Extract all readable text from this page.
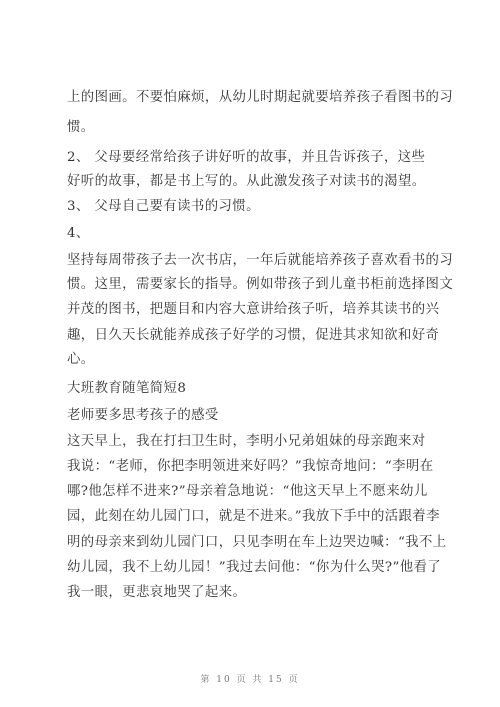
上的图画。不要怕麻烦，从幼儿时期起就要培养孩子看图书的习
惯。
2、 父母要经常给孩子讲好听的故事，并且告诉孩子，这些
好听的故事，都是书上写的。从此激发孩子对读书的渴望。
3、 父母自己要有读书的习惯。
4、
坚持每周带孩子去一次书店，一年后就能培养孩子喜欢看书的习
惯。这里，需要家长的指导。例如带孩子到儿童书柜前选择图文
并茂的图书，把题目和内容大意讲给孩子听，培养其读书的兴
趣，日久天长就能养成孩子好学的习惯，促进其求知欲和好奇
心。
大班教育随笔简短8
老师要多思考孩子的感受
这天早上，我在打扫卫生时，李明小兄弟姐妹的母亲跑来对
我说：“老师，你把李明领进来好吗？”我惊奇地问：“李明在
哪?他怎样不进来?”母亲着急地说：“他这天早上不愿来幼儿
园，此刻在幼儿园门口，就是不进来。”我放下手中的活跟着李
明的母亲来到幼儿园门口，只见李明在车上边哭边喊：“我不上
幼儿园，我不上幼儿园！”我过去问他：“你为什么哭?”他看了
我一眼，更悲哀地哭了起来。
第 10 页 共 15 页
